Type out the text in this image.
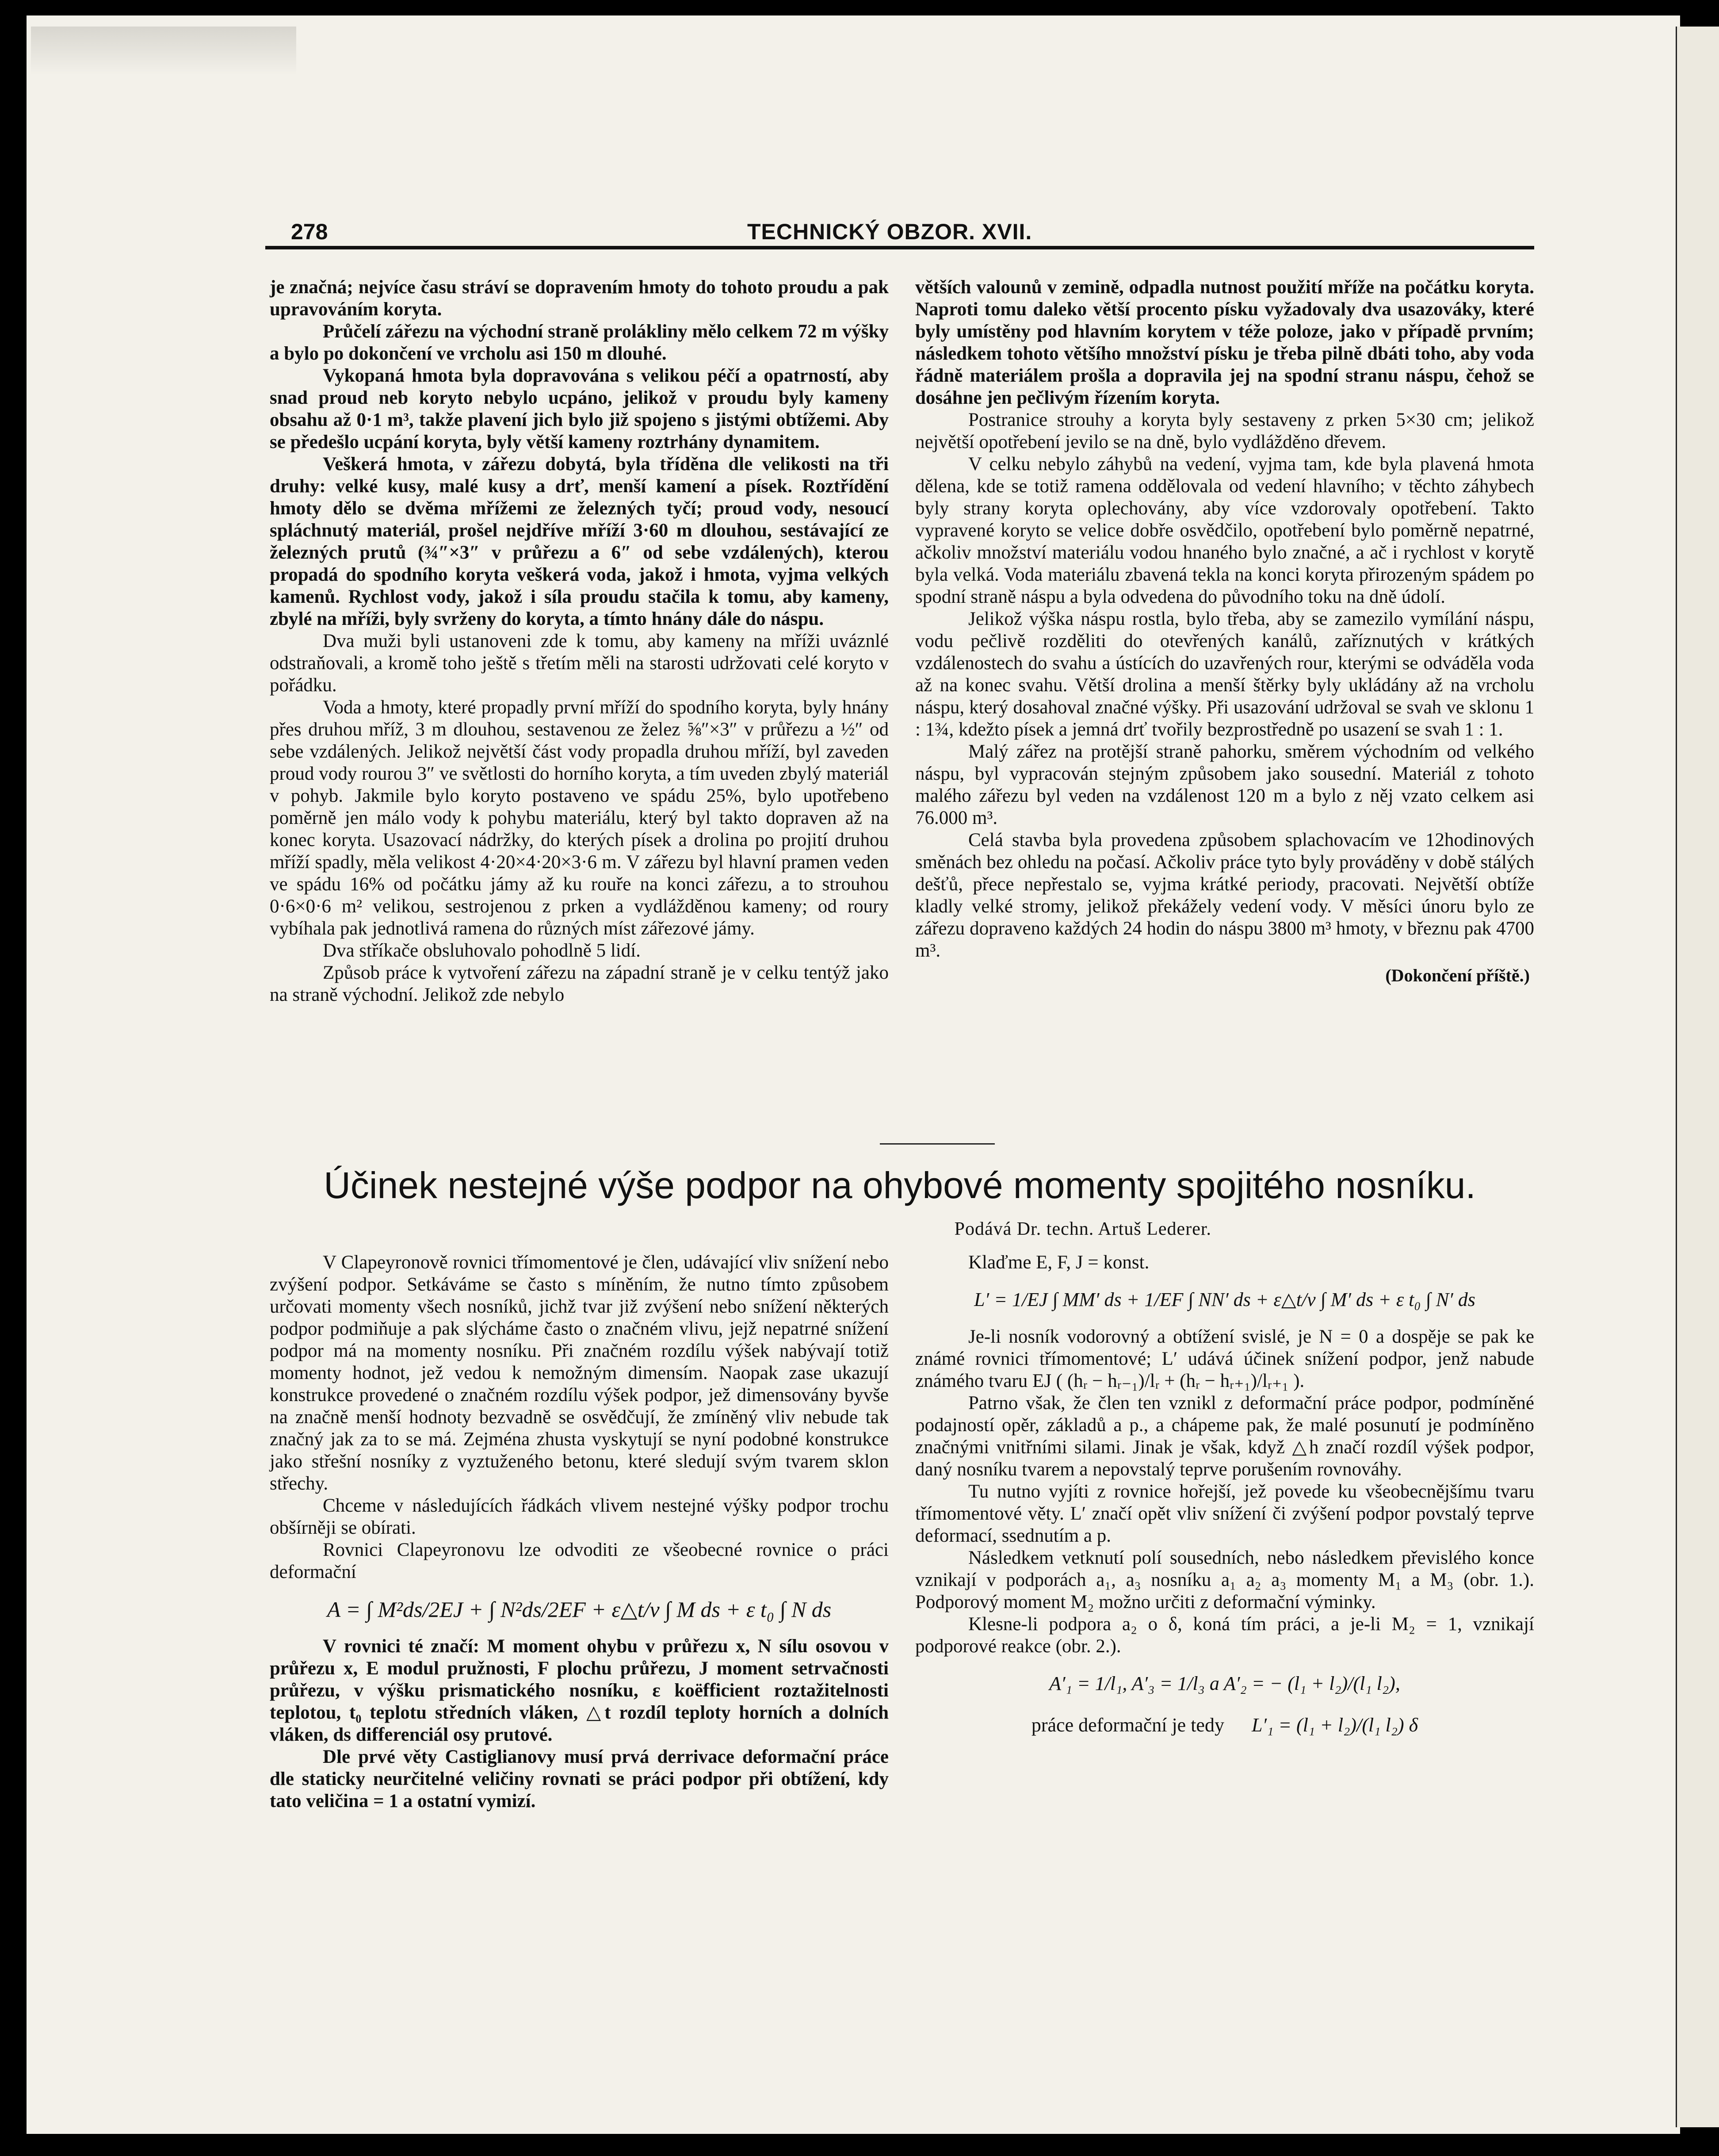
278	TECHNICKÝ OBZOR. XVII.

je značná; nejvíce času stráví se dopravením hmoty do tohoto proudu a pak upravováním koryta.

Průčelí zářezu na východní straně prolákliny mělo celkem 72 m výšky a bylo po dokončení ve vrcholu asi 150 m dlouhé.

Vykopaná hmota byla dopravována s velikou péčí a opatrností, aby snad proud neb koryto nebylo ucpáno, jelikož v proudu byly kameny obsahu až 0·1 m³, takže plavení jich bylo již spojeno s jistými obtížemi. Aby se předešlo ucpání koryta, byly větší kameny roztrhány dynamitem.

Veškerá hmota, v zářezu dobytá, byla tříděna dle velikosti na tři druhy: velké kusy, malé kusy a drť, menší kamení a písek. Roztřídění hmoty dělo se dvěma mřížemi ze železných tyčí; proud vody, nesoucí spláchnutý materiál, prošel nejdříve mříží 3·60 m dlouhou, sestávající ze železných prutů (¾″×3″ v průřezu a 6″ od sebe vzdálených), kterou propadá do spodního koryta veškerá voda, jakož i hmota, vyjma velkých kamenů. Rychlost vody, jakož i síla proudu stačila k tomu, aby kameny, zbylé na mříži, byly svrženy do koryta, a tímto hnány dále do náspu.

Dva muži byli ustanoveni zde k tomu, aby kameny na mříži uváznlé odstraňovali, a kromě toho ještě s třetím měli na starosti udržovati celé koryto v pořádku.

Voda a hmoty, které propadly první mříží do spodního koryta, byly hnány přes druhou mříž, 3 m dlouhou, sestavenou ze želez ⅝″×3″ v průřezu a ½″ od sebe vzdálených. Jelikož největší část vody propadla druhou mříží, byl zaveden proud vody rourou 3″ ve světlosti do horního koryta, a tím uveden zbylý materiál v pohyb. Jakmile bylo koryto postaveno ve spádu 25%, bylo upotřebeno poměrně jen málo vody k pohybu materiálu, který byl takto dopraven až na konec koryta. Usazovací nádržky, do kterých písek a drolina po projití druhou mříží spadly, měla velikost 4·20×4·20×3·6 m. V zářezu byl hlavní pramen veden ve spádu 16% od počátku jámy až ku rouře na konci zářezu, a to strouhou 0·6×0·6 m² velikou, sestrojenou z prken a vydlážděnou kameny; od roury vybíhala pak jednotlivá ramena do různých míst zářezové jámy.

Dva stříkače obsluhovalo pohodlně 5 lidí.

Způsob práce k vytvoření zářezu na západní straně je v celku tentýž jako na straně východní. Jelikož zde nebylo

větších valounů v zemině, odpadla nutnost použití mříže na počátku koryta. Naproti tomu daleko větší procento písku vyžadovaly dva usazováky, které byly umístěny pod hlavním korytem v téže poloze, jako v případě prvním; následkem tohoto většího množství písku je třeba pilně dbáti toho, aby voda řádně materiálem prošla a dopravila jej na spodní stranu náspu, čehož se dosáhne jen pečlivým řízením koryta.

Postranice strouhy a koryta byly sestaveny z prken 5×30 cm; jelikož největší opotřebení jevilo se na dně, bylo vydlážděno dřevem.

V celku nebylo záhybů na vedení, vyjma tam, kde byla plavená hmota dělena, kde se totiž ramena oddělovala od vedení hlavního; v těchto záhybech byly strany koryta oplechovány, aby více vzdorovaly opotřebení. Takto vypravené koryto se velice dobře osvědčilo, opotřebení bylo poměrně nepatrné, ačkoliv množství materiálu vodou hnaného bylo značné, a ač i rychlost v korytě byla velká. Voda materiálu zbavená tekla na konci koryta přirozeným spádem po spodní straně náspu a byla odvedena do původního toku na dně údolí.

Jelikož výška náspu rostla, bylo třeba, aby se zamezilo vymílání náspu, vodu pečlivě rozděliti do otevřených kanálů, zaříznutých v krátkých vzdálenostech do svahu a ústících do uzavřených rour, kterými se odváděla voda až na konec svahu. Větší drolina a menší štěrky byly ukládány až na vrcholu náspu, který dosahoval značné výšky. Při usazování udržoval se svah ve sklonu 1 : 1¾, kdežto písek a jemná drť tvořily bezprostředně po usazení se svah 1 : 1.

Malý zářez na protější straně pahorku, směrem východním od velkého náspu, byl vypracován stejným způsobem jako sousední. Materiál z tohoto malého zářezu byl veden na vzdálenost 120 m a bylo z něj vzato celkem asi 76.000 m³.

Celá stavba byla provedena způsobem splachovacím ve 12hodinových směnách bez ohledu na počasí. Ačkoliv práce tyto byly prováděny v době stálých dešťů, přece nepřestalo se, vyjma krátké periody, pracovati. Největší obtíže kladly velké stromy, jelikož překážely vedení vody. V měsíci únoru bylo ze zářezu dopraveno každých 24 hodin do náspu 3800 m³ hmoty, v březnu pak 4700 m³.

(Dokončení příště.)
Účinek nestejné výše podpor na ohybové momenty spojitého nosníku.
Podává Dr. techn. Artuš Lederer.

V Clapeyronově rovnici třímomentové je člen, udávající vliv snížení nebo zvýšení podpor. Setkáváme se často s míněním, že nutno tímto způsobem určovati momenty všech nosníků, jichž tvar již zvýšení nebo snížení některých podpor podmiňuje a pak slýcháme často o značném vlivu, jejž nepatrné snížení podpor má na momenty nosníku. Při značném rozdílu výšek nabývají totiž momenty hodnot, jež vedou k nemožným dimensím. Naopak zase ukazují konstrukce provedené o značném rozdílu výšek podpor, jež dimensovány byvše na značně menší hodnoty bezvadně se osvědčují, že zmíněný vliv nebude tak značný jak za to se má. Zejména zhusta vyskytují se nyní podobné konstrukce jako střešní nosníky z vyztuženého betonu, které sledují svým tvarem sklon střechy.

Chceme v následujících řádkách vlivem nestejné výšky podpor trochu obšírněji se obírati.

Rovnici Clapeyronovu lze odvoditi ze všeobecné rovnice o práci deformační

A = ∫ M²ds/2EJ + ∫ N²ds/2EF + ε△t/v ∫ M ds + ε t₀ ∫ N ds

V rovnici té značí: M moment ohybu v průřezu x, N sílu osovou v průřezu x, E modul pružnosti, F plochu průřezu, J moment setrvačnosti průřezu, v výšku prismatického nosníku, ε koëfficient roztažitelnosti teplotou, t₀ teplotu středních vláken, △t rozdíl teploty horních a dolních vláken, ds differenciál osy prutové.

Dle prvé věty Castiglianovy musí prvá derrivace deformační práce dle staticky neurčitelné veličiny rovnati se práci podpor při obtížení, kdy tato veličina = 1 a ostatní vymizí.

Klaďme E, F, J = konst.

L′ = 1/EJ ∫ MM′ ds + 1/EF ∫ NN′ ds + ε△t/v ∫ M′ ds + ε t₀ ∫ N′ ds

Je-li nosník vodorovný a obtížení svislé, je N = 0 a dospěje se pak ke známé rovnici třímomentové; L′ udává účinek snížení podpor, jenž nabude známého tvaru EJ ( (hᵣ − hᵣ₋₁)/lᵣ + (hᵣ − hᵣ₊₁)/lᵣ₊₁ ).

Patrno však, že člen ten vznikl z deformační práce podpor, podmíněné podajností opěr, základů a p., a chápeme pak, že malé posunutí je podmíněno značnými vnitřními silami. Jinak je však, když △h značí rozdíl výšek podpor, daný nosníku tvarem a nepovstalý teprve porušením rovnováhy.

Tu nutno vyjíti z rovnice hořejší, jež povede ku všeobecnějšímu tvaru třímomentové věty. L′ značí opět vliv snížení či zvýšení podpor povstalý teprve deformací, ssednutím a p.

Následkem vetknutí polí sousedních, nebo následkem převislého konce vznikají v podporách a₁, a₃ nosníku a₁ a₂ a₃ momenty M₁ a M₃ (obr. 1.). Podporový moment M₂ možno určiti z deformační výminky.

Klesne-li podpora a₂ o δ, koná tím práci, a je-li M₂ = 1, vznikají podporové reakce (obr. 2.).

A′₁ = 1/l₁, A′₃ = 1/l₃ a A′₂ = − (l₁ + l₂)/(l₁ l₂),
práce deformační je tedy L′₁ = (l₁ + l₂)/(l₁ l₂) δ
